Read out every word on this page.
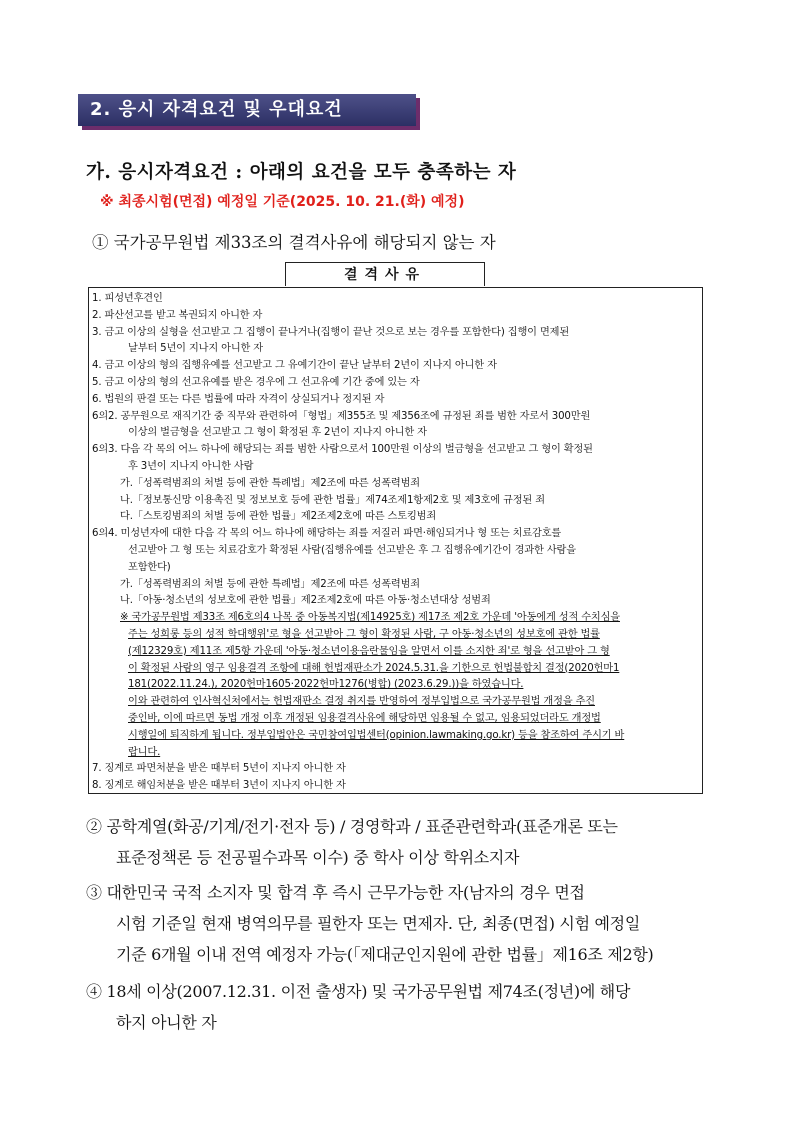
2. 응시 자격요건 및 우대요건
가. 응시자격요건 : 아래의 요건을 모두 충족하는 자
※ 최종시험(면접) 예정일 기준(2025. 10. 21.(화) 예정)
① 국가공무원법 제33조의 결격사유에 해당되지 않는 자
결격사유
1. 피성년후견인
2. 파산선고를 받고 복권되지 아니한 자
3. 금고 이상의 실형을 선고받고 그 집행이 끝나거나(집행이 끝난 것으로 보는 경우를 포함한다) 집행이 면제된
날부터 5년이 지나지 아니한 자
4. 금고 이상의 형의 집행유예를 선고받고 그 유예기간이 끝난 날부터 2년이 지나지 아니한 자
5. 금고 이상의 형의 선고유예를 받은 경우에 그 선고유예 기간 중에 있는 자
6. 법원의 판결 또는 다른 법률에 따라 자격이 상실되거나 정지된 자
6의2. 공무원으로 재직기간 중 직무와 관련하여「형법」제355조 및 제356조에 규정된 죄를 범한 자로서 300만원
이상의 벌금형을 선고받고 그 형이 확정된 후 2년이 지나지 아니한 자
6의3. 다음 각 목의 어느 하나에 해당되는 죄를 범한 사람으로서 100만원 이상의 벌금형을 선고받고 그 형이 확정된
후 3년이 지나지 아니한 사람
가.「성폭력범죄의 처벌 등에 관한 특례법」제2조에 따른 성폭력범죄
나.「정보통신망 이용촉진 및 정보보호 등에 관한 법률」제74조제1항제2호 및 제3호에 규정된 죄
다.「스토킹범죄의 처벌 등에 관한 법률」제2조제2호에 따른 스토킹범죄
6의4. 미성년자에 대한 다음 각 목의 어느 하나에 해당하는 죄를 저질러 파면·해임되거나 형 또는 치료감호를
선고받아 그 형 또는 치료감호가 확정된 사람(집행유예를 선고받은 후 그 집행유예기간이 경과한 사람을
포함한다)
가.「성폭력범죄의 처벌 등에 관한 특례법」제2조에 따른 성폭력범죄
나.「아동·청소년의 성보호에 관한 법률」제2조제2호에 따른 아동·청소년대상 성범죄
※ 국가공무원법 제33조 제6호의4 나목 중 아동복지법(제14925호) 제17조 제2호 가운데 '아동에게 성적 수치심을
주는 성희롱 등의 성적 학대행위'로 형을 선고받아 그 형이 확정된 사람, 구 아동·청소년의 성보호에 관한 법률
(제12329호) 제11조 제5항 가운데 '아동·청소년이용음란물임을 알면서 이를 소지한 죄'로 형을 선고받아 그 형
이 확정된 사람의 영구 임용결격 조항에 대해 헌법재판소가 2024.5.31.을 기한으로 헌법불합치 결정(2020헌마1
181(2022.11.24.), 2020헌마1605·2022헌마1276(병합) (2023.6.29.))을 하였습니다.
이와 관련하여 인사혁신처에서는 헌법재판소 결정 취지를 반영하여 정부입법으로 국가공무원법 개정을 추진
중인바, 이에 따르면 동법 개정 이후 개정된 임용결격사유에 해당하면 임용될 수 없고, 임용되었더라도 개정법
시행일에 퇴직하게 됩니다. 정부입법안은 국민참여입법센터(opinion.lawmaking.go.kr) 등을 참조하여 주시기 바
랍니다.
7. 징계로 파면처분을 받은 때부터 5년이 지나지 아니한 자
8. 징계로 해임처분을 받은 때부터 3년이 지나지 아니한 자
② 공학계열(화공/기계/전기·전자 등) / 경영학과 / 표준관련학과(표준개론 또는
표준정책론 등 전공필수과목 이수) 중 학사 이상 학위소지자
③ 대한민국 국적 소지자 및 합격 후 즉시 근무가능한 자(남자의 경우 면접
시험 기준일 현재 병역의무를 필한자 또는 면제자. 단, 최종(면접) 시험 예정일
기준 6개월 이내 전역 예정자 가능(「제대군인지원에 관한 법률」제16조 제2항)
④ 18세 이상(2007.12.31. 이전 출생자) 및 국가공무원법 제74조(정년)에 해당
하지 아니한 자
